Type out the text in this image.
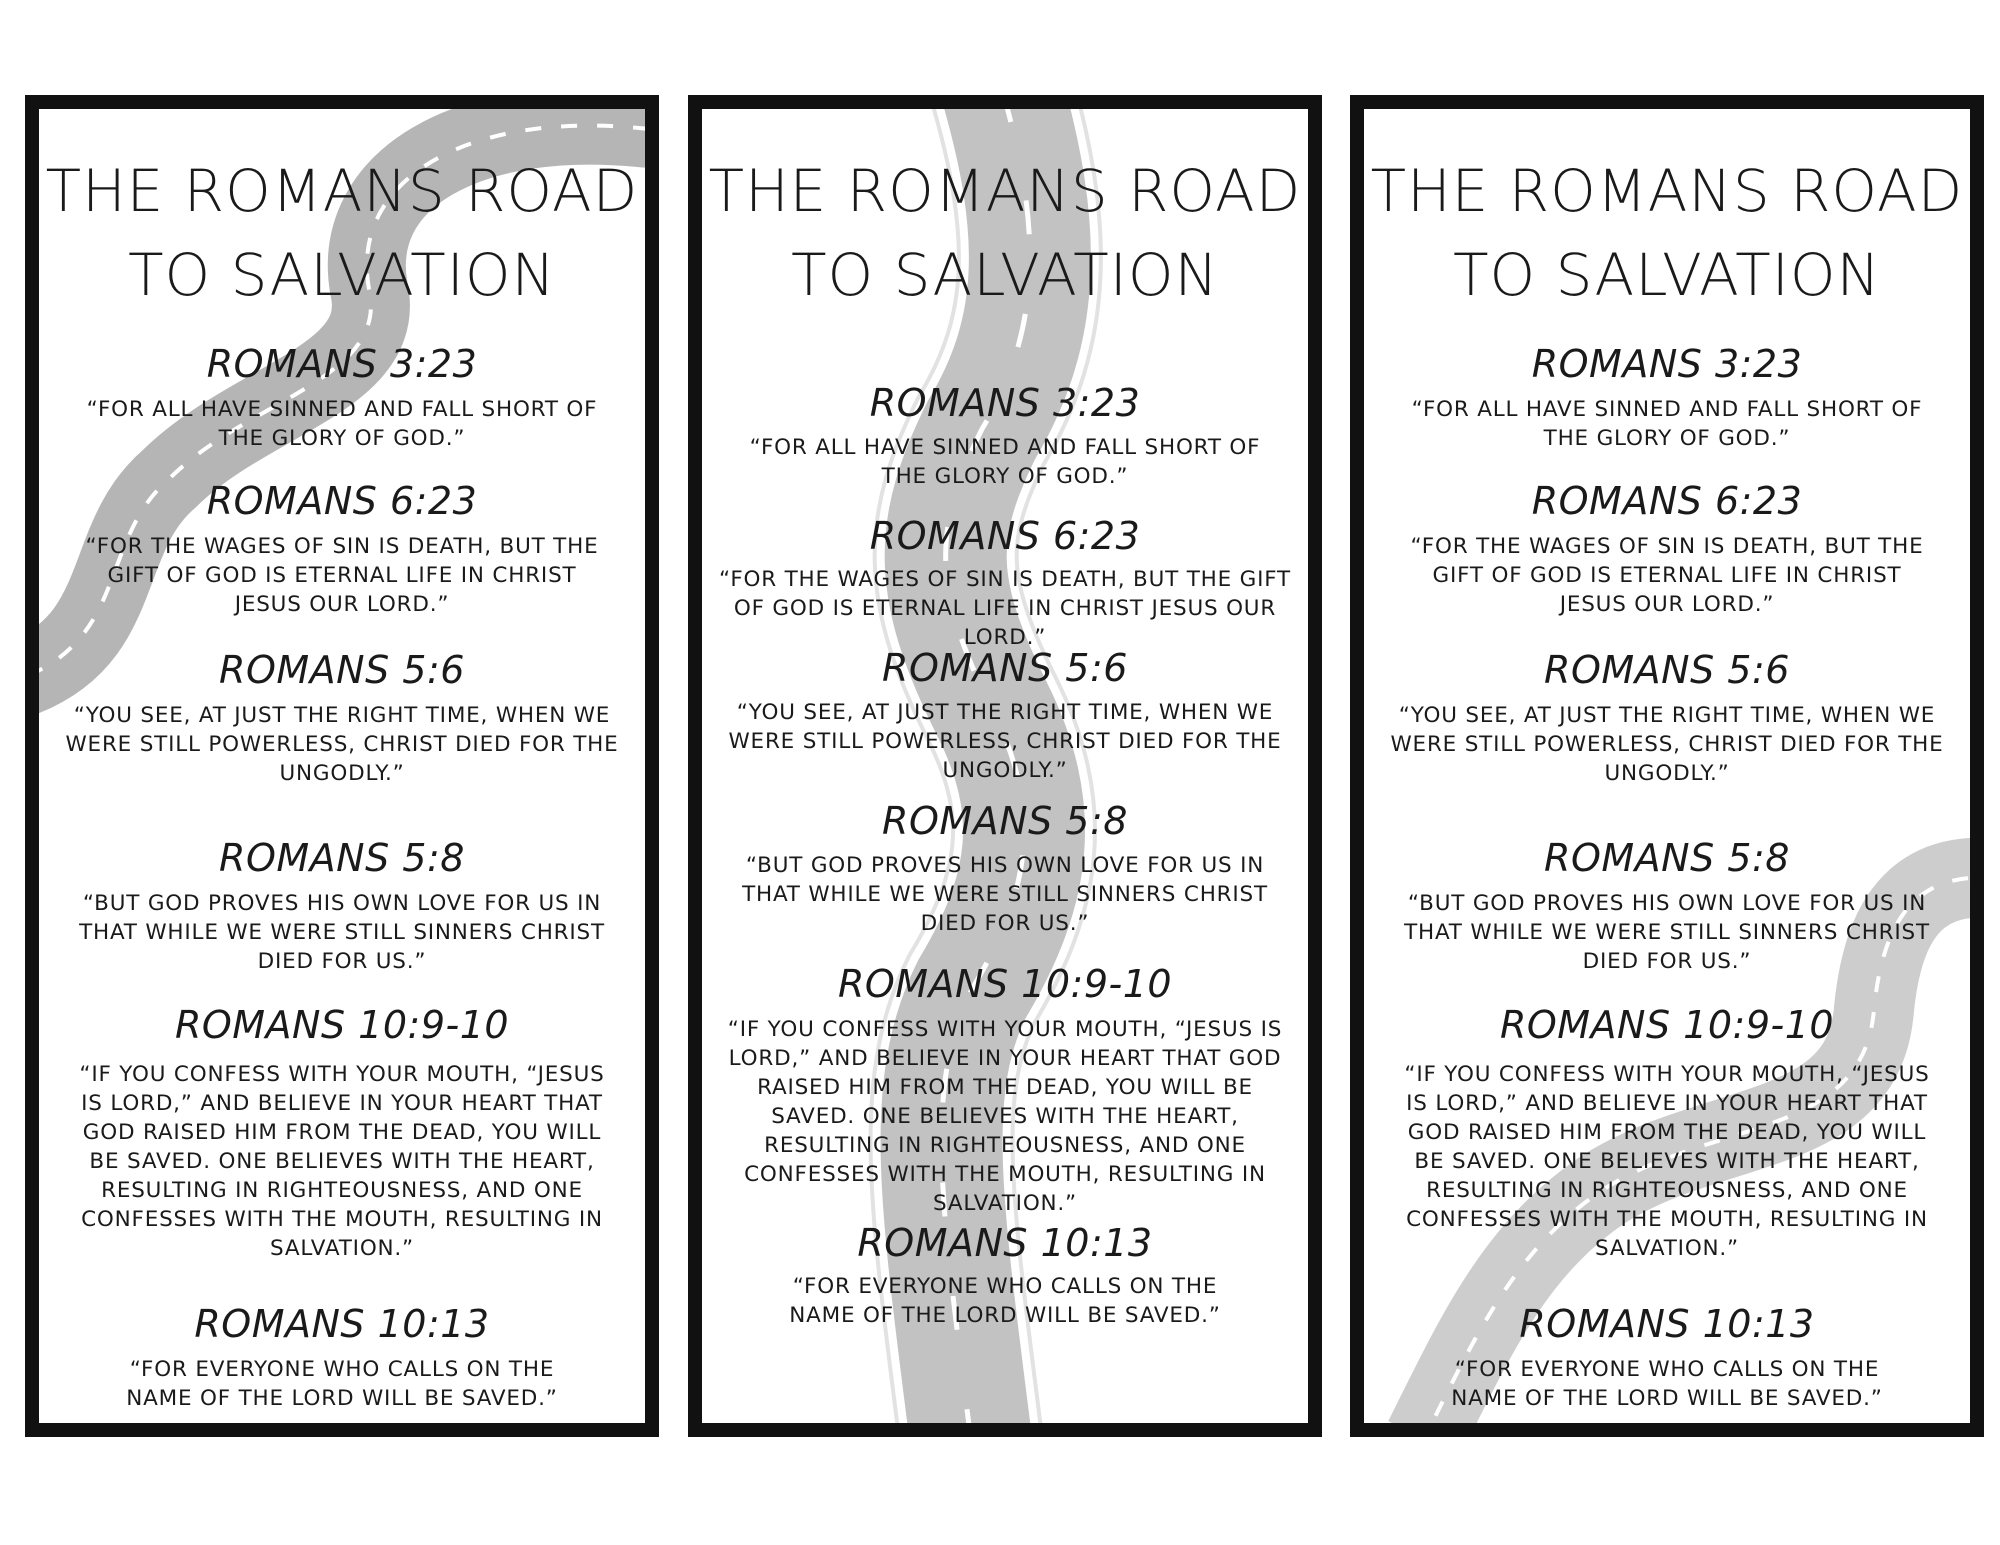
THE ROMANS ROAD
TO SALVATION
ROMANS 3:23
“FOR ALL HAVE SINNED AND FALL SHORT OF THE GLORY OF GOD.”
ROMANS 6:23
“FOR THE WAGES OF SIN IS DEATH, BUT THE GIFT OF GOD IS ETERNAL LIFE IN CHRIST JESUS OUR LORD.”
ROMANS 5:6
“YOU SEE, AT JUST THE RIGHT TIME, WHEN WE WERE STILL POWERLESS, CHRIST DIED FOR THE UNGODLY.”
ROMANS 5:8
“BUT GOD PROVES HIS OWN LOVE FOR US IN THAT WHILE WE WERE STILL SINNERS CHRIST DIED FOR US.”
ROMANS 10:9-10
“IF YOU CONFESS WITH YOUR MOUTH, “JESUS IS LORD,” AND BELIEVE IN YOUR HEART THAT GOD RAISED HIM FROM THE DEAD, YOU WILL BE SAVED. ONE BELIEVES WITH THE HEART, RESULTING IN RIGHTEOUSNESS, AND ONE CONFESSES WITH THE MOUTH, RESULTING IN SALVATION.”
ROMANS 10:13
“FOR EVERYONE WHO CALLS ON THE NAME OF THE LORD WILL BE SAVED.”
THE ROMANS ROAD
TO SALVATION
ROMANS 3:23
“FOR ALL HAVE SINNED AND FALL SHORT OF THE GLORY OF GOD.”
ROMANS 6:23
“FOR THE WAGES OF SIN IS DEATH, BUT THE GIFT OF GOD IS ETERNAL LIFE IN CHRIST JESUS OUR LORD.”
ROMANS 5:6
“YOU SEE, AT JUST THE RIGHT TIME, WHEN WE WERE STILL POWERLESS, CHRIST DIED FOR THE UNGODLY.”
ROMANS 5:8
“BUT GOD PROVES HIS OWN LOVE FOR US IN THAT WHILE WE WERE STILL SINNERS CHRIST DIED FOR US.”
ROMANS 10:9-10
“IF YOU CONFESS WITH YOUR MOUTH, “JESUS IS LORD,” AND BELIEVE IN YOUR HEART THAT GOD RAISED HIM FROM THE DEAD, YOU WILL BE SAVED. ONE BELIEVES WITH THE HEART, RESULTING IN RIGHTEOUSNESS, AND ONE CONFESSES WITH THE MOUTH, RESULTING IN SALVATION.”
ROMANS 10:13
“FOR EVERYONE WHO CALLS ON THE NAME OF THE LORD WILL BE SAVED.”
THE ROMANS ROAD
TO SALVATION
ROMANS 3:23
“FOR ALL HAVE SINNED AND FALL SHORT OF THE GLORY OF GOD.”
ROMANS 6:23
“FOR THE WAGES OF SIN IS DEATH, BUT THE GIFT OF GOD IS ETERNAL LIFE IN CHRIST JESUS OUR LORD.”
ROMANS 5:6
“YOU SEE, AT JUST THE RIGHT TIME, WHEN WE WERE STILL POWERLESS, CHRIST DIED FOR THE UNGODLY.”
ROMANS 5:8
“BUT GOD PROVES HIS OWN LOVE FOR US IN THAT WHILE WE WERE STILL SINNERS CHRIST DIED FOR US.”
ROMANS 10:9-10
“IF YOU CONFESS WITH YOUR MOUTH, “JESUS IS LORD,” AND BELIEVE IN YOUR HEART THAT GOD RAISED HIM FROM THE DEAD, YOU WILL BE SAVED. ONE BELIEVES WITH THE HEART, RESULTING IN RIGHTEOUSNESS, AND ONE CONFESSES WITH THE MOUTH, RESULTING IN SALVATION.”
ROMANS 10:13
“FOR EVERYONE WHO CALLS ON THE NAME OF THE LORD WILL BE SAVED.”
